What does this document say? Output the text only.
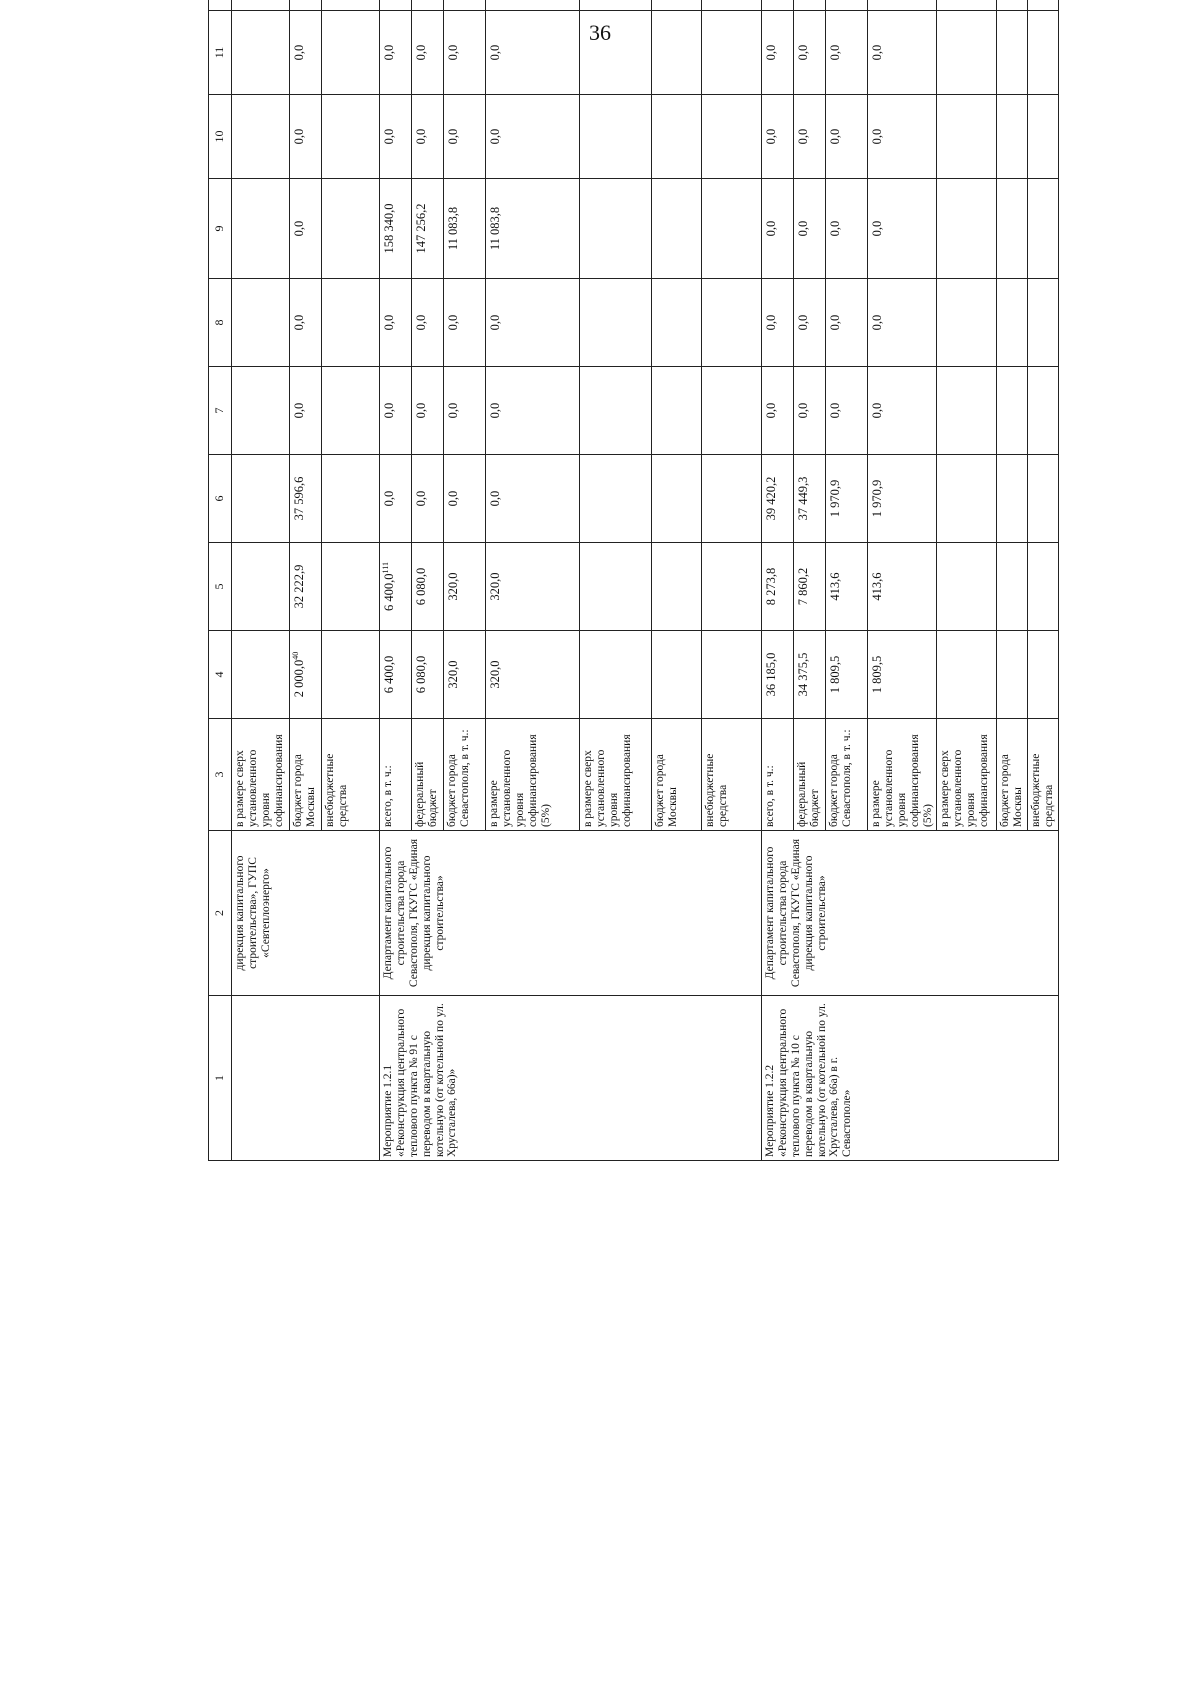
36
1	2	3	4	5	6	7	8	9	10	11		
	дирекция капитального строительства», ГУПС «Севтеплоэнерго»	в размере сверх установленного уровня софинансирования										
		бюджет города Москвы	2 000,0$^{40}$	32 222,9	37 596,6	0,0	0,0	0,0	0,0	0,0		
		внебюджетные средства										
Мероприятие 1.2.1 «Реконструкция центрального теплового пункта № 91 с переводом в квартальную котельную (от котельной по ул. Хрусталева, 66а)»	Департамент капитального строительства города Севастополя, ГКУГС «Единая дирекция капитального строительства»	всего, в т. ч.:	6 400,0	6 400,0$^{111}$	0,0	0,0	0,0	158 340,0	0,0	0,0		
		федеральный бюджет	6 080,0	6 080,0	0,0	0,0	0,0	147 256,2	0,0	0,0		
		бюджет города Севастополя, в т. ч.:	320,0	320,0	0,0	0,0	0,0	11 083,8	0,0	0,0		
		в размере установленного уровня софинансирования (5%)	320,0	320,0	0,0	0,0	0,0	11 083,8	0,0	0,0		
		в размере сверх установленного уровня софинансирования										
		бюджет города Москвы										
		внебюджетные средства										
Мероприятие 1.2.2 «Реконструкция центрального теплового пункта № 10 с переводом в квартальную котельную (от котельной по ул. Хрусталева, 66а) в г. Севастополе»	Департамент капитального строительства города Севастополя, ГКУГС «Единая дирекция капитального строительства»	всего, в т. ч.:	36 185,0	8 273,8	39 420,2	0,0	0,0	0,0	0,0	0,0		
		федеральный бюджет	34 375,5	7 860,2	37 449,3	0,0	0,0	0,0	0,0	0,0		
		бюджет города Севастополя, в т. ч.:	1 809,5	413,6	1 970,9	0,0	0,0	0,0	0,0	0,0		
		в размере установленного уровня софинансирования (5%)	1 809,5	413,6	1 970,9	0,0	0,0	0,0	0,0	0,0		
		в размере сверх установленного уровня софинансирования										
		бюджет города Москвы										
		внебюджетные средства										
